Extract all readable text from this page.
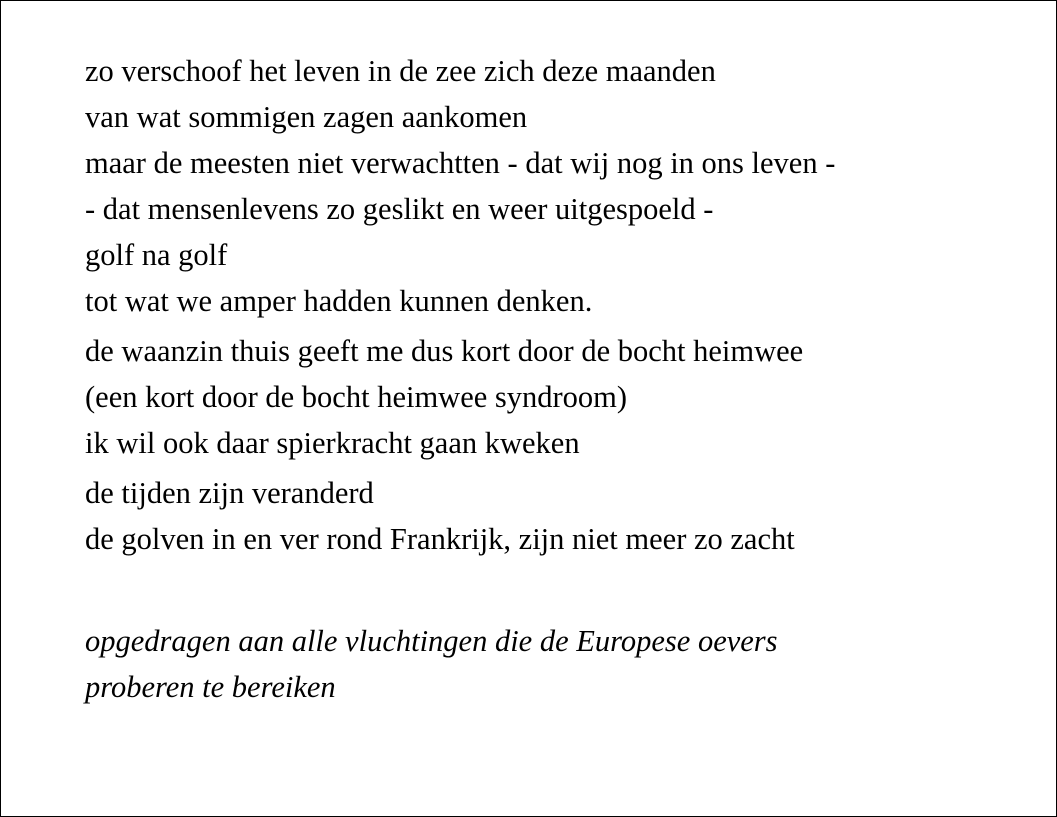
zo verschoof het leven in de zee zich deze maanden
van wat sommigen zagen aankomen
maar de meesten niet verwachtten - dat wij nog in ons leven -
- dat mensenlevens zo geslikt en weer uitgespoeld -
golf na golf
tot wat we amper hadden kunnen denken.

de waanzin thuis geeft me dus kort door de bocht heimwee
(een kort door de bocht heimwee syndroom)
ik wil ook daar spierkracht gaan kweken

de tijden zijn veranderd
de golven in en ver rond Frankrijk, zijn niet meer zo zacht

opgedragen aan alle vluchtingen die de Europese oevers
proberen te bereiken
